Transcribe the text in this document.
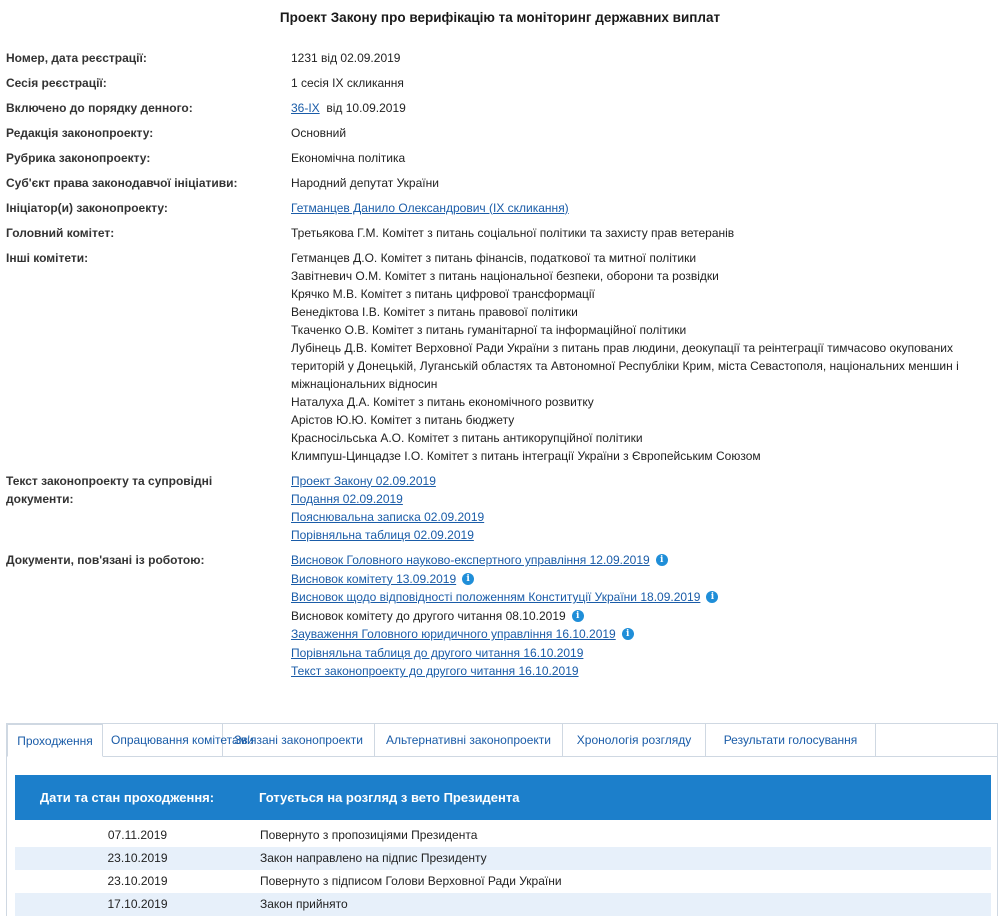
Проект Закону про верифікацію та моніторинг державних виплат
Номер, дата реєстрації:	1231 від 02.09.2019
Сесія реєстрації:	1 сесія IX скликання
Включено до порядку денного:	36-IX від 10.09.2019
Редакція законопроекту:	Основний
Рубрика законопроекту:	Економічна політика
Суб'єкт права законодавчої ініціативи:	Народний депутат України
Ініціатор(и) законопроекту:	Гетманцев Данило Олександрович (IX скликання)
Головний комітет:	Третьякова Г.М. Комітет з питань соціальної політики та захисту прав ветеранів
Інші комітети:	Гетманцев Д.О. Комітет з питань фінансів, податкової та митної політики
Завітневич О.М. Комітет з питань національної безпеки, оборони та розвідки
Крячко М.В. Комітет з питань цифрової трансформації
Венедіктова І.В. Комітет з питань правової політики
Ткаченко О.В. Комітет з питань гуманітарної та інформаційної політики
Лубінець Д.В. Комітет Верховної Ради України з питань прав людини, деокупації та реінтеграції тимчасово окупованих територій у Донецькій, Луганській областях та Автономної Республіки Крим, міста Севастополя, національних меншин і міжнаціональних відносин
Наталуха Д.А. Комітет з питань економічного розвитку
Арістов Ю.Ю. Комітет з питань бюджету
Красносільська А.О. Комітет з питань антикорупційної політики
Климпуш-Цинцадзе І.О. Комітет з питань інтеграції України з Європейським Союзом
Текст законопроекту та супровідні документи:
Проект Закону 02.09.2019
Подання 02.09.2019
Пояснювальна записка 02.09.2019
Порівняльна таблиця 02.09.2019
Документи, пов'язані із роботою:	Висновок Головного науково-експертного управління 12.09.2019	i
Висновок комітету 13.09.2019	i
Висновок щодо відповідності положенням Конституції України 18.09.2019	i
Висновок комітету до другого читання 08.10.2019	i
Зауваження Головного юридичного управління 16.10.2019	i
Порівняльна таблиця до другого читання 16.10.2019
Текст законопроекту до другого читання 16.10.2019
Проходження	Опрацювання комітетами
Зв'язані законопроекти	Альтернативні законопроекти	Хронологія розгляду	Результати голосування
Дати та стан проходження:	Готується на розгляд з вето Президента
07.11.2019	Повернуто з пропозиціями Президента
23.10.2019	Закон направлено на підпис Президенту
23.10.2019	Повернуто з підписом Голови Верховної Ради України
17.10.2019	Закон прийнято
